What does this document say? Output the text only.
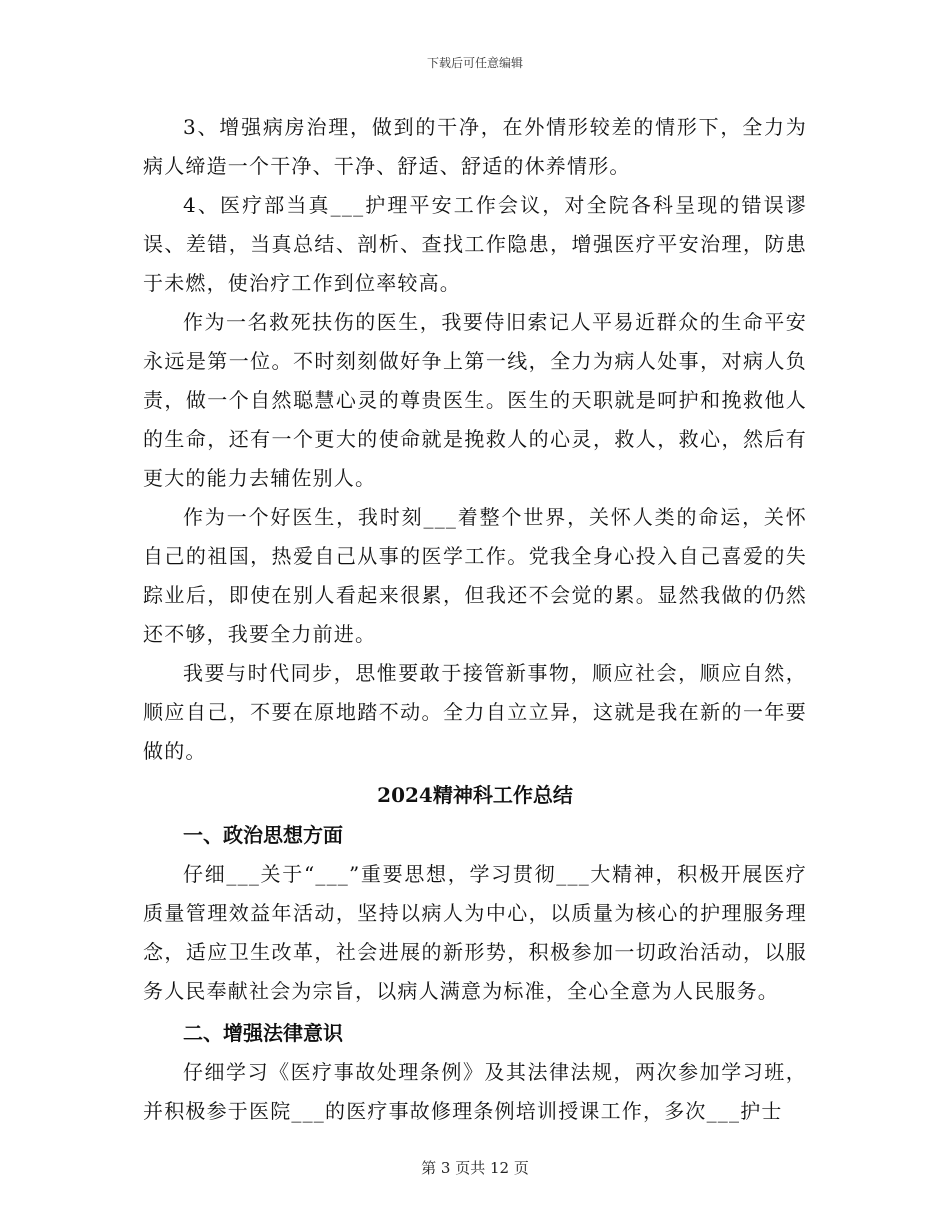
下载后可任意编辑

3、增强病房治理，做到的干净，在外情形较差的情形下，全力为病人缔造一个干净、干净、舒适、舒适的休养情形。

4、医疗部当真___护理平安工作会议，对全院各科呈现的错误谬误、差错，当真总结、剖析、查找工作隐患，增强医疗平安治理，防患于未燃，使治疗工作到位率较高。

作为一名救死扶伤的医生，我要侍旧索记人平易近群众的生命平安永远是第一位。不时刻刻做好争上第一线，全力为病人处事，对病人负责，做一个自然聪慧心灵的尊贵医生。医生的天职就是呵护和挽救他人的生命，还有一个更大的使命就是挽救人的心灵，救人，救心，然后有更大的能力去辅佐别人。

作为一个好医生，我时刻___着整个世界，关怀人类的命运，关怀自己的祖国，热爱自己从事的医学工作。党我全身心投入自己喜爱的失踪业后，即使在别人看起来很累，但我还不会觉的累。显然我做的仍然还不够，我要全力前进。

我要与时代同步，思惟要敢于接管新事物，顺应社会，顺应自然，顺应自己，不要在原地踏不动。全力自立立异，这就是我在新的一年要做的。

2024精神科工作总结
一、政治思想方面

仔细___关于“___”重要思想，学习贯彻___大精神，积极开展医疗质量管理效益年活动，坚持以病人为中心，以质量为核心的护理服务理念，适应卫生改革，社会进展的新形势，积极参加一切政治活动，以服务人民奉献社会为宗旨，以病人满意为标准，全心全意为人民服务。

二、增强法律意识

仔细学习《医疗事故处理条例》及其法律法规，两次参加学习班，并积极参于医院___的医疗事故修理条例培训授课工作，多次___护士

第 3 页共 12 页
